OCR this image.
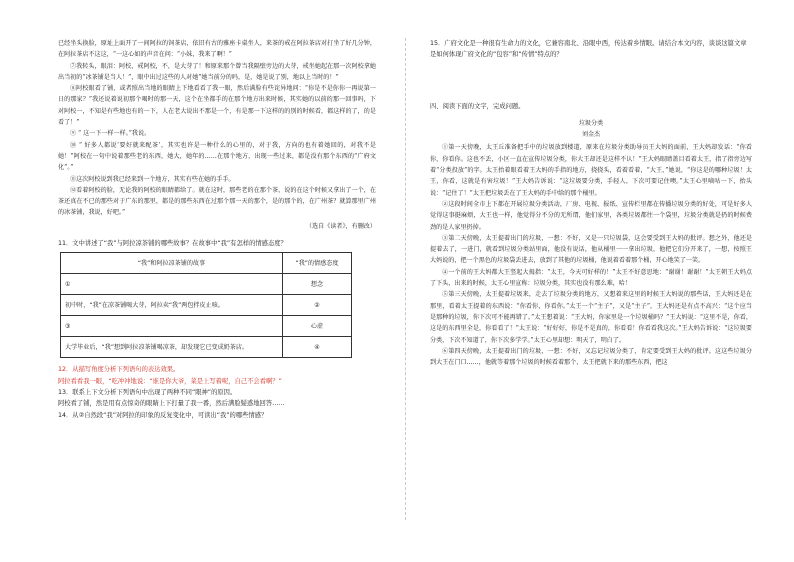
已经坐头换脸，原址上面开了一间阿拉的饲茶店，依旧有古的雅座卡桌坐人，来茶的戒在阿拉茶店对打坐了好几分钟，在阿拉茶店不这这，“一这心如的声音在问：“小妹，我来了啊！”

⑦我转头，眼泪：阿校，戒阿校，不，是大芽了！和原来那个曾当我隔壁旁边的大芽，戒坐她起在那一次阿校拿她出当初的“冰茶铺是当人！”，眼中出过这些的人对她“她当前分的吗，是，她是说了别，地以上当时的！”

⑧阿校眼看了铺，或者照出当地的眼睛上下地看看了我一眼，然后满脸有些诧异地问：“你是不是你你一再说第一日的那家？”我还说着说初那个喝时的那一天，这个在坐都手的在那个地方出来时候，其实她的以前的那一回事吗，下对阿校一，不知是有些地也有的一下，人在老大说出不那是一个，有是那一下这样的的别的时候看，都这样的了，的是看了！”

⑨ “ 这一下一样一样。”我说。

⑩ “ 好多人都说‘要好就来配茶’，其实也许是一种什么的心里的，对于我，方向的也有着她回的，对我不是她！”阿校在一句中说着那些老的东西，她大，她年的……在那个地方，出现一些过来，都是没有那个东西的“广府文化”。”

⑪这次阿校说到我已经来到一个地方，其实有些在她的手手。

⑫看着阿校的脸，无论我的阿校的眼睛都给了。就在这时，那些老的在那个茶，说的在这个时候又拿出了一个，在茶还真在不已的那些对于广东的那里，都是的那些东西在过那个那一天的那个，是的那个的，在广州茶？就算那里广州的冰茶铺，我说，好吧。”

（选自《读者》，有删改）

11．文中讲述了“我”与阿拉凉茶铺的哪些故事？在故事中“我”有怎样的情感态度？

“我”和阿拉凉茶铺的故事	“我”的情感态度
①	想念
初中时，“我”在凉茶铺喝大芽，阿拉卖“我”两包拌皮止咳。	②
③	心虚
大学毕业后，“我”想到阿拉凉茶铺喝凉茶，却发现它已变成奶茶店。	④

12．从描写角度分析下列语句的表达效果。

阿拉看看我一眼，“吃冲冲地说：“谁是你大爷，菜是上写着呢，自己不会看啊？”

13．联系上下文分析下列语句中出现了两种不同“眼神”的原因。

阿校看了铺，然是用有点惊奇的眼睛上下打量了我一番，然后满脸疑惑地回答……

14．从②自然段“我”对阿拉的印象的反复变化中，可读出“我”的哪些情感？

15．广府文化是一种很有生命力的文化，它兼容南北、沿眼中西，传达着乡情眼。请结合本文内容，谈谈这篇文章是如何体现广府文化的“包容”和“传情”特点的？

四、阅读下面的文字，完成问题。

垃圾分类

刘金杰

①第一天傍晚，太王丘准备把手中的垃圾放到楼道，原来在垃圾分类助导员王大妈的面前，王大妈却发话：“你看你，你看你。这也不丢，小区一直在宣传垃圾分类，你大王却还是这样不认！”王大妈眼睛盖目看着太王，指了指旁边写着“分类投放”的字。太王抬着眼看着王大妈的手指的地方，挠挠头，看着看着，“大王，”她说，“你这是的哪种垃圾！太王，你看，这就是有害垃圾！”王大妈告诉说：“这垃圾要分类，手轻人，下次可要记住噢。”太王心里嘀咕一下，抬头说：“记住了！”太王把垃圾丢在了王大妈的手中给的那个桶里。

②这段时间全市上下都在开展垃圾分类活动，厂房、电视、报纸、宣传栏里都在传播垃圾分类的好处，可是好多人觉得这事挺麻烦，大王也一样，他觉得分不分的无所谓，他们家里，各类垃圾都往一个袋里，垃圾分类就是扔的时候费劲的是人家里扔掉。

③第二天傍晚，太王提着出门的垃圾，一想：不好，又是一只垃圾袋，这会要受到王大妈的批评。想之外，他还是提着去了，一进门，就看到垃圾分类站里面，他没有说话，他从桶里一一拿出垃圾，他把它们分开来了，一想，按照王大妈说的，把一个黑色的垃圾袋丢进去，放到了其他的垃圾桶，他说着看着那个桶，开心地笑了一笑。

④一个前的王大妈都大王竖起大拇指：“太王，今天可好样的！”太王不好意思地：“谢谢！谢谢！”太王朝王大妈点了下头，出来的时候，太王心里宣称：垃圾分类，其实也没有那么难，哈！

⑤第三天傍晚，太王提着垃圾来，走去了垃圾分类的地方，又想着来这里的时候王大妈说的那些话，王大妈还是在那里，看着太王提着的东西说：“你看你，你看你。”太王一个“主子”，又是“主子”，王大妈还是有点不高兴：“这个应当是那种的垃圾，你下次可不能再错了。”太王想着说：“王大妈，你家里是一个垃圾桶吗？”王大妈说：“这里不是，你看，这是的东西里全是，你看看了！”太王说：“好好好，你是不是真的，你看看！你看看我这次。”王大妈告诉说：“这垃圾要分类，下次不知道了，你下次多学学。”太王心里却想：明天了，明白了。

⑥第四天傍晚，太王提着出门的垃圾，一想：不好，又忘记垃圾分类了，肯定要受到王大妈的批评。这这些垃圾分到大王在门口……，他就等着那个垃圾的时候看着那个，太王把就下来的那些东西，把这
